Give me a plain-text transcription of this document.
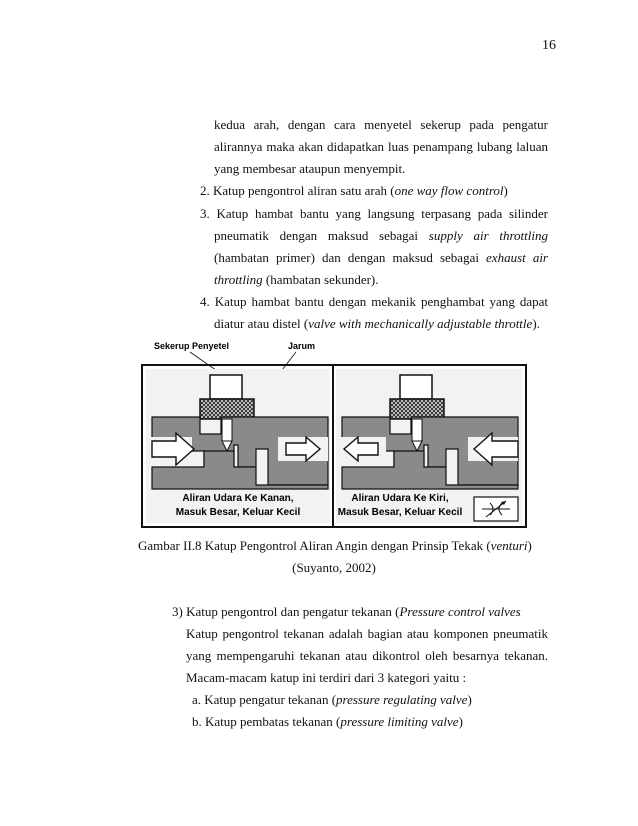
16
kedua arah, dengan cara menyetel sekerup pada pengatur
alirannya maka akan didapatkan luas penampang lubang laluan
yang membesar ataupun menyempit.
2. Katup pengontrol aliran satu arah (one way flow control)
3. Katup hambat bantu yang langsung terpasang pada silinder
pneumatik dengan maksud sebagai supply air throttling
(hambatan primer) dan dengan maksud sebagai exhaust air
throttling (hambatan sekunder).
4. Katup hambat bantu dengan mekanik penghambat yang dapat
diatur atau distel (valve with mechanically adjustable throttle).
Sekerup Penyetel	Jarum
Aliran Udara Ke Kanan,
Masuk Besar, Keluar Kecil
Aliran Udara Ke Kiri,
Masuk Besar, Keluar Kecil
Gambar II.8 Katup Pengontrol Aliran Angin dengan Prinsip Tekak (venturi)
(Suyanto, 2002)
3) Katup pengontrol dan pengatur tekanan (Pressure control valves
Katup pengontrol tekanan adalah bagian atau komponen pneumatik
yang mempengaruhi tekanan atau dikontrol oleh besarnya tekanan.
Macam-macam katup ini terdiri dari 3 kategori yaitu :
a. Katup pengatur tekanan (pressure regulating valve)
b. Katup pembatas tekanan (pressure limiting valve)
